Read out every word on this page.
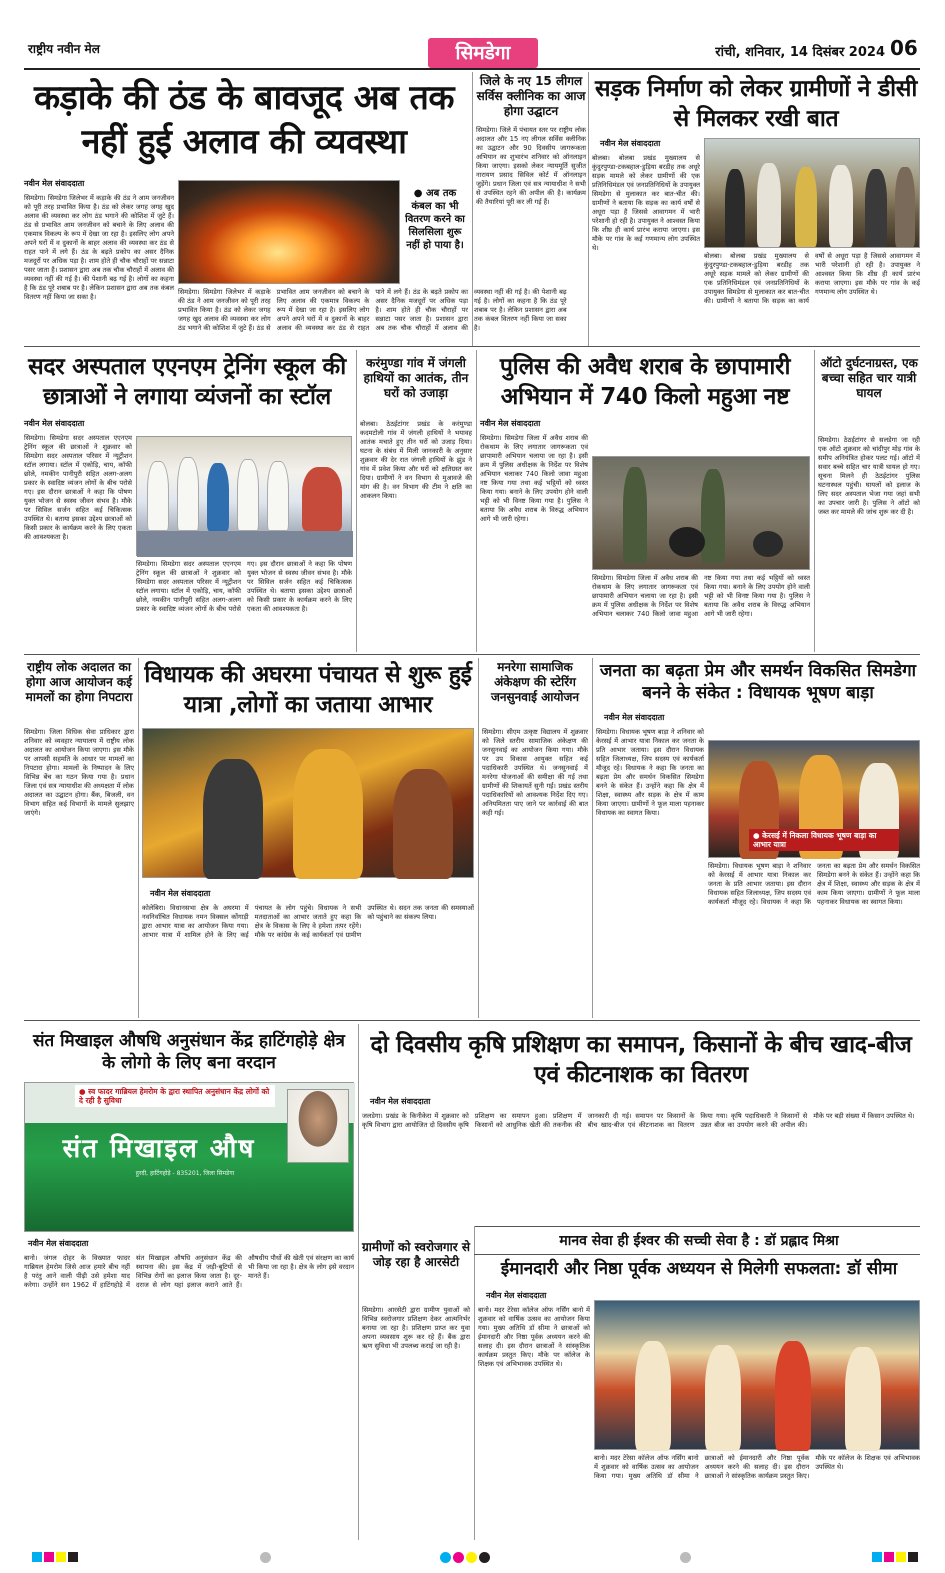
राष्ट्रीय नवीन मेल	सिमडेगा	रांची, शनिवार, 14 दिसंबर 2024 06
कड़ाके की ठंड के बावजूद अब तक नहीं हुई अलाव की व्यवस्था
नवीन मेल संवाददाता
सिमडेगा। सिमडेगा जिलेभर में कड़ाके की ठंड ने आम जनजीवन को पूरी तरह प्रभावित किया है। ठंड को लेकर जगह जगह खुद अलाव की व्यवस्था कर लोग ठंड भगाने की कोशिश में जुटे हैं। ठंड से प्रभावित आम जनजीवन को बचाने के लिए अलाव की एकमात्र विकल्प के रूप में देखा जा रहा है। इसलिए लोग अपने अपने घरों में व दुकानों के बाहर अलाव की व्यवस्था कर ठंड से राहत पाने में लगे हैं। ठंड के बढ़ते प्रकोप का असर दैनिक मजदूरों पर अधिक पड़ा है। शाम होते ही चौक चौराहों पर सन्नाटा पसर जाता है। प्रशासन द्वारा अब तक चौक चौराहों में अलाव की व्यवस्था नहीं की गई है। की पेशानी बढ़ गई है। लोगों का कहना है कि ठंड पूरे शबाब पर है। लेकिन प्रशासन द्वारा अब तक कंबल वितरण नहीं किया जा सका है।
● अब तक कंबल का भी वितरण करने का सिलसिला शुरू नहीं हो पाया है।
सिमडेगा। सिमडेगा जिलेभर में कड़ाके की ठंड ने आम जनजीवन को पूरी तरह प्रभावित किया है। ठंड को लेकर जगह जगह खुद अलाव की व्यवस्था कर लोग ठंड भगाने की कोशिश में जुटे हैं। ठंड से प्रभावित आम जनजीवन को बचाने के लिए अलाव की एकमात्र विकल्प के रूप में देखा जा रहा है। इसलिए लोग अपने अपने घरों में व दुकानों के बाहर अलाव की व्यवस्था कर ठंड से राहत पाने में लगे हैं। ठंड के बढ़ते प्रकोप का असर दैनिक मजदूरों पर अधिक पड़ा है। शाम होते ही चौक चौराहों पर सन्नाटा पसर जाता है। प्रशासन द्वारा अब तक चौक चौराहों में अलाव की व्यवस्था नहीं की गई है। की पेशानी बढ़ गई है। लोगों का कहना है कि ठंड पूरे शबाब पर है। लेकिन प्रशासन द्वारा अब तक कंबल वितरण नहीं किया जा सका है।
जिले के नए 15 लीगल सर्विस क्लीनिक का आज होगा उद्घाटन
सिमडेगा। जिले में पंचायत स्तर पर राष्ट्रीय लोक अदालत और 15 नए लीगल सर्विस क्लीनिक का उद्घाटन और 90 दिवसीय जागरूकता अभियान का शुभारंभ शनिवार को ऑनलाइन किया जाएगा। इसको लेकर न्यायमूर्ति सुजीत नारायण प्रसाद सिविल कोर्ट में ऑनलाइन जुड़ेंगे। प्रधान जिला एवं सत्र न्यायाधीश ने सभी से उपस्थित रहने की अपील की है। कार्यक्रम की तैयारियां पूरी कर ली गई हैं।
सड़क निर्माण को लेकर ग्रामीणों ने डीसी से मिलकर रखी बात
नवीन मेल संवाददाता
बोलबा। बोलबा प्रखंड मुख्यालय से कुंदुरपुण्डा-टकबहाल-डुड़िया बरडीह तक अधूरे सड़क मामले को लेकर ग्रामीणों की एक प्रतिनिधिमंडल एवं जनप्रतिनिधियों के उपायुक्त सिमडेगा से मुलाकात कर बात-चीत की। ग्रामीणों ने बताया कि सड़क का कार्य वर्षों से अधूरा पड़ा है जिससे आवागमन में भारी परेशानी हो रही है। उपायुक्त ने आश्वस्त किया कि शीघ्र ही कार्य प्रारंभ कराया जाएगा। इस मौके पर गांव के कई गणमान्य लोग उपस्थित थे।
बोलबा। बोलबा प्रखंड मुख्यालय से कुंदुरपुण्डा-टकबहाल-डुड़िया बरडीह तक अधूरे सड़क मामले को लेकर ग्रामीणों की एक प्रतिनिधिमंडल एवं जनप्रतिनिधियों के उपायुक्त सिमडेगा से मुलाकात कर बात-चीत की। ग्रामीणों ने बताया कि सड़क का कार्य वर्षों से अधूरा पड़ा है जिससे आवागमन में भारी परेशानी हो रही है। उपायुक्त ने आश्वस्त किया कि शीघ्र ही कार्य प्रारंभ कराया जाएगा। इस मौके पर गांव के कई गणमान्य लोग उपस्थित थे।
सदर अस्पताल एएनएम ट्रेनिंग स्कूल की छात्राओं ने लगाया व्यंजनों का स्टॉल
नवीन मेल संवाददाता
सिमडेगा। सिमडेगा सदर अस्पताल एएनएम ट्रेनिंग स्कूल की छात्राओं ने शुक्रवार को सिमडेगा सदर अस्पताल परिसर में न्यूट्रीशन स्टॉल लगाया। स्टॉल में एकोड़ि, चाय, कॉफी छोले, नमकीन पानीपुरी सहित अलग-अलग प्रकार के स्वादिष्ट व्यंजन लोगों के बीच परोसे गए। इस दौरान छात्राओं ने कहा कि पोषण युक्त भोजन से स्वस्थ जीवन संभव है। मौके पर सिविल सर्जन सहित कई चिकित्सक उपस्थित थे। बताया इसका उद्देश्य छात्राओं को किसी प्रकार के कार्यक्रम करने के लिए एकता की आवश्यकता है।
सिमडेगा। सिमडेगा सदर अस्पताल एएनएम ट्रेनिंग स्कूल की छात्राओं ने शुक्रवार को सिमडेगा सदर अस्पताल परिसर में न्यूट्रीशन स्टॉल लगाया। स्टॉल में एकोड़ि, चाय, कॉफी छोले, नमकीन पानीपुरी सहित अलग-अलग प्रकार के स्वादिष्ट व्यंजन लोगों के बीच परोसे गए। इस दौरान छात्राओं ने कहा कि पोषण युक्त भोजन से स्वस्थ जीवन संभव है। मौके पर सिविल सर्जन सहित कई चिकित्सक उपस्थित थे। बताया इसका उद्देश्य छात्राओं को किसी प्रकार के कार्यक्रम करने के लिए एकता की आवश्यकता है।
करंमुण्डा गांव में जंगली हाथियों का आतंक, तीन घरों को उजाड़ा
बोलबा। ठेठईटांगर प्रखंड के करंमुण्डा कदमटोली गांव में जंगली हाथियों ने भयावह आतंक मचाते हुए तीन घरों को उजाड़ दिया। घटना के संबंध में मिली जानकारी के अनुसार शुक्रवार की देर रात जंगली हाथियों के झुंड ने गांव में प्रवेश किया और घरों को क्षतिग्रस्त कर दिया। ग्रामीणों ने वन विभाग से मुआवजे की मांग की है। वन विभाग की टीम ने क्षति का आकलन किया।
पुलिस की अवैध शराब के छापामारी अभियान में 740 किलो महुआ नष्ट
नवीन मेल संवाददाता
सिमडेगा। सिमडेगा जिला में अवैध शराब की रोकथाम के लिए लगातार जागरूकता एवं छापामारी अभियान चलाया जा रहा है। इसी क्रम में पुलिस अधीक्षक के निर्देश पर विशेष अभियान चलाकर 740 किलो जावा महुआ नष्ट किया गया तथा कई भट्ठियों को ध्वस्त किया गया। बनाने के लिए उपयोग होने वाली भट्टी को भी विनष्ट किया गया है। पुलिस ने बताया कि अवैध शराब के विरुद्ध अभियान आगे भी जारी रहेगा।
सिमडेगा। सिमडेगा जिला में अवैध शराब की रोकथाम के लिए लगातार जागरूकता एवं छापामारी अभियान चलाया जा रहा है। इसी क्रम में पुलिस अधीक्षक के निर्देश पर विशेष अभियान चलाकर 740 किलो जावा महुआ नष्ट किया गया तथा कई भट्ठियों को ध्वस्त किया गया। बनाने के लिए उपयोग होने वाली भट्टी को भी विनष्ट किया गया है। पुलिस ने बताया कि अवैध शराब के विरुद्ध अभियान आगे भी जारी रहेगा।
ऑटो दुर्घटनाग्रस्त, एक बच्चा सहित चार यात्री घायल
सिमडेगा। ठेठईटांगर से सलडेगा जा रही एक ऑटो शुक्रवार को चांदीपुर मोड़ गांव के समीप अनियंत्रित होकर पलट गई। ऑटो में सवार बच्चे सहित चार यात्री घायल हो गए। सूचना मिलने ही ठेठईटांगर पुलिस घटनास्थल पहुंची। घायलों को इलाज के लिए सदर अस्पताल भेजा गया जहां सभी का उपचार जारी है। पुलिस ने ऑटो को जब्त कर मामले की जांच शुरू कर दी है।
राष्ट्रीय लोक अदालत का होगा आज आयोजन कई मामलों का होगा निपटारा
सिमडेगा। जिला विधिक सेवा प्राधिकार द्वारा शनिवार को व्यवहार न्यायालय में राष्ट्रीय लोक अदालत का आयोजन किया जाएगा। इस मौके पर आपसी सहमति के आधार पर मामलों का निपटारा होगा। मामलों के निष्पादन के लिए विभिन्न बेंच का गठन किया गया है। प्रधान जिला एवं सत्र न्यायाधीश की अध्यक्षता में लोक अदालत का उद्घाटन होगा। बैंक, बिजली, वन विभाग सहित कई विभागों के मामले सुलझाए जाएंगे।
विधायक की अघरमा पंचायत से शुरू हुई यात्रा ,लोगों का जताया आभार
नवीन मेल संवाददाता
कोलेबिरा। विधानसभा क्षेत्र के अघरमा में नवनिर्वाचित विधायक नमन विक्सल कोंगाड़ी द्वारा आभार यात्रा का आयोजन किया गया। आभार यात्रा में शामिल होने के लिए कई पंचायत के लोग पहुंचे। विधायक ने सभी मतदाताओं का आभार जताते हुए कहा कि क्षेत्र के विकास के लिए वे हमेशा तत्पर रहेंगे। मौके पर कांग्रेस के कई कार्यकर्ता एवं ग्रामीण उपस्थित थे। सदन तक जनता की समस्याओं को पहुंचाने का संकल्प लिया।
मनरेगा सामाजिक अंकेक्षण की स्टेरिंग जनसुनवाई आयोजन
सिमडेगा। सीएम उत्कृष्ट विद्यालय में शुक्रवार को जिले स्तरीय सामाजिक अंकेक्षण की जनसुनवाई का आयोजन किया गया। मौके पर उप विकास आयुक्त सहित कई पदाधिकारी उपस्थित थे। जनसुनवाई में मनरेगा योजनाओं की समीक्षा की गई तथा ग्रामीणों की शिकायतें सुनी गईं। प्रखंड स्तरीय पदाधिकारियों को आवश्यक निर्देश दिए गए। अनियमितता पाए जाने पर कार्रवाई की बात कही गई।
जनता का बढ़ता प्रेम और समर्थन विकसित सिमडेगा बनने के संकेत : विधायक भूषण बाड़ा
नवीन मेल संवाददाता
सिमडेगा। विधायक भूषण बाड़ा ने शनिवार को केरसई में आभार यात्रा निकाल कर जनता के प्रति आभार जताया। इस दौरान विधायक सहित जिलाध्यक्ष, जिप सदस्य एवं कार्यकर्ता मौजूद रहे। विधायक ने कहा कि जनता का बढ़ता प्रेम और समर्थन विकसित सिमडेगा बनने के संकेत हैं। उन्होंने कहा कि क्षेत्र में शिक्षा, स्वास्थ्य और सड़क के क्षेत्र में काम किया जाएगा। ग्रामीणों ने फूल माला पहनाकर विधायक का स्वागत किया।
● केरसई में निकला विधायक भूषण बाड़ा का आभार यात्रा
सिमडेगा। विधायक भूषण बाड़ा ने शनिवार को केरसई में आभार यात्रा निकाल कर जनता के प्रति आभार जताया। इस दौरान विधायक सहित जिलाध्यक्ष, जिप सदस्य एवं कार्यकर्ता मौजूद रहे। विधायक ने कहा कि जनता का बढ़ता प्रेम और समर्थन विकसित सिमडेगा बनने के संकेत हैं। उन्होंने कहा कि क्षेत्र में शिक्षा, स्वास्थ्य और सड़क के क्षेत्र में काम किया जाएगा। ग्रामीणों ने फूल माला पहनाकर विधायक का स्वागत किया।
संत मिखाइल औषधि अनुसंधान केंद्र हाटिंगहोड़े क्षेत्र के लोगो के लिए बना वरदान
● स्व फादर गाब्रियल हेमरोम के द्वारा स्थापित अनुसंधान केंद्र लोगों को दे रही है सुविधा
संत मिखाइल औष
हुरदी, हाटिंगहोड़े - 835201, जिला सिमडेगा
नवीन मेल संवाददाता
बानो। जंगल दोहर के विख्यात फादर गाब्रियल हेमरोम जिसे आज हमारे बीच नहीं है परंतु आने वाली पीढ़ी उसे हमेशा याद करेगा। उन्होंने सन 1962 में हाटिंगहोड़े में संत मिखाइल औषधि अनुसंधान केंद्र की स्थापना की। इस केंद्र में जड़ी-बूटियों से विभिन्न रोगों का इलाज किया जाता है। दूर-दराज से लोग यहां इलाज कराने आते हैं। औषधीय पौधों की खेती एवं संरक्षण का कार्य भी किया जा रहा है। क्षेत्र के लोग इसे वरदान मानते हैं।
दो दिवसीय कृषि प्रशिक्षण का समापन, किसानों के बीच खाद-बीज एवं कीटनाशक का वितरण
नवीन मेल संवाददाता
जलडेगा। प्रखंड के किनीकेरा में शुक्रवार को कृषि विभाग द्वारा आयोजित दो दिवसीय कृषि प्रशिक्षण का समापन हुआ। प्रशिक्षण में किसानों को आधुनिक खेती की तकनीक की जानकारी दी गई। समापन पर किसानों के बीच खाद-बीज एवं कीटनाशक का वितरण किया गया। कृषि पदाधिकारी ने किसानों से उन्नत बीज का उपयोग करने की अपील की। मौके पर बड़ी संख्या में किसान उपस्थित थे।
ग्रामीणों को स्वरोजगार से जोड़ रहा है आरसेटी
सिमडेगा। आरसेटी द्वारा ग्रामीण युवाओं को विभिन्न स्वरोजगार प्रशिक्षण देकर आत्मनिर्भर बनाया जा रहा है। प्रशिक्षण प्राप्त कर युवा अपना व्यवसाय शुरू कर रहे हैं। बैंक द्वारा ऋण सुविधा भी उपलब्ध कराई जा रही है।
मानव सेवा ही ईश्वर की सच्ची सेवा है : डॉ प्रह्लाद मिश्रा
ईमानदारी और निष्ठा पूर्वक अध्ययन से मिलेगी सफलता: डॉ सीमा
नवीन मेल संवाददाता
बानो। मदर टेरेसा कॉलेज ऑफ नर्सिंग बानो में शुक्रवार को वार्षिक उत्सव का आयोजन किया गया। मुख्य अतिथि डॉ सीमा ने छात्राओं को ईमानदारी और निष्ठा पूर्वक अध्ययन करने की सलाह दी। इस दौरान छात्राओं ने सांस्कृतिक कार्यक्रम प्रस्तुत किए। मौके पर कॉलेज के शिक्षक एवं अभिभावक उपस्थित थे।
बानो। मदर टेरेसा कॉलेज ऑफ नर्सिंग बानो में शुक्रवार को वार्षिक उत्सव का आयोजन किया गया। मुख्य अतिथि डॉ सीमा ने छात्राओं को ईमानदारी और निष्ठा पूर्वक अध्ययन करने की सलाह दी। इस दौरान छात्राओं ने सांस्कृतिक कार्यक्रम प्रस्तुत किए। मौके पर कॉलेज के शिक्षक एवं अभिभावक उपस्थित थे।
